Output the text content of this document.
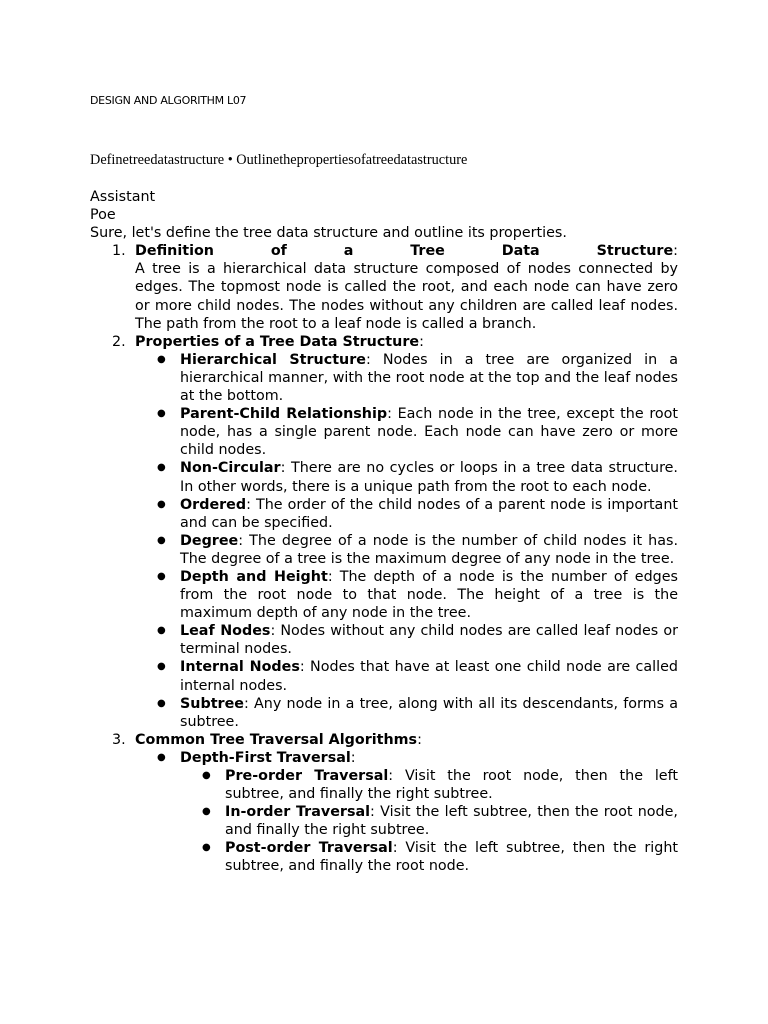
DESIGN AND ALGORITHM L07
Definetreedatastructure • Outlinethepropertiesofatreedatastructure
Assistant
Poe
Sure, let's define the tree data structure and outline its properties.
1. Definition of a Tree Data Structure:
A tree is a hierarchical data structure composed of nodes connected by edges. The topmost node is called the root, and each node can have zero or more child nodes. The nodes without any children are called leaf nodes. The path from the root to a leaf node is called a branch.
2. Properties of a Tree Data Structure:
● Hierarchical Structure: Nodes in a tree are organized in a hierarchical manner, with the root node at the top and the leaf nodes at the bottom.
● Parent-Child Relationship: Each node in the tree, except the root node, has a single parent node. Each node can have zero or more child nodes.
● Non-Circular: There are no cycles or loops in a tree data structure. In other words, there is a unique path from the root to each node.
● Ordered: The order of the child nodes of a parent node is important and can be specified.
● Degree: The degree of a node is the number of child nodes it has. The degree of a tree is the maximum degree of any node in the tree.
● Depth and Height: The depth of a node is the number of edges from the root node to that node. The height of a tree is the maximum depth of any node in the tree.
● Leaf Nodes: Nodes without any child nodes are called leaf nodes or terminal nodes.
● Internal Nodes: Nodes that have at least one child node are called internal nodes.
● Subtree: Any node in a tree, along with all its descendants, forms a subtree.
3. Common Tree Traversal Algorithms:
● Depth-First Traversal:
● Pre-order Traversal: Visit the root node, then the left subtree, and finally the right subtree.
● In-order Traversal: Visit the left subtree, then the root node, and finally the right subtree.
● Post-order Traversal: Visit the left subtree, then the right subtree, and finally the root node.
